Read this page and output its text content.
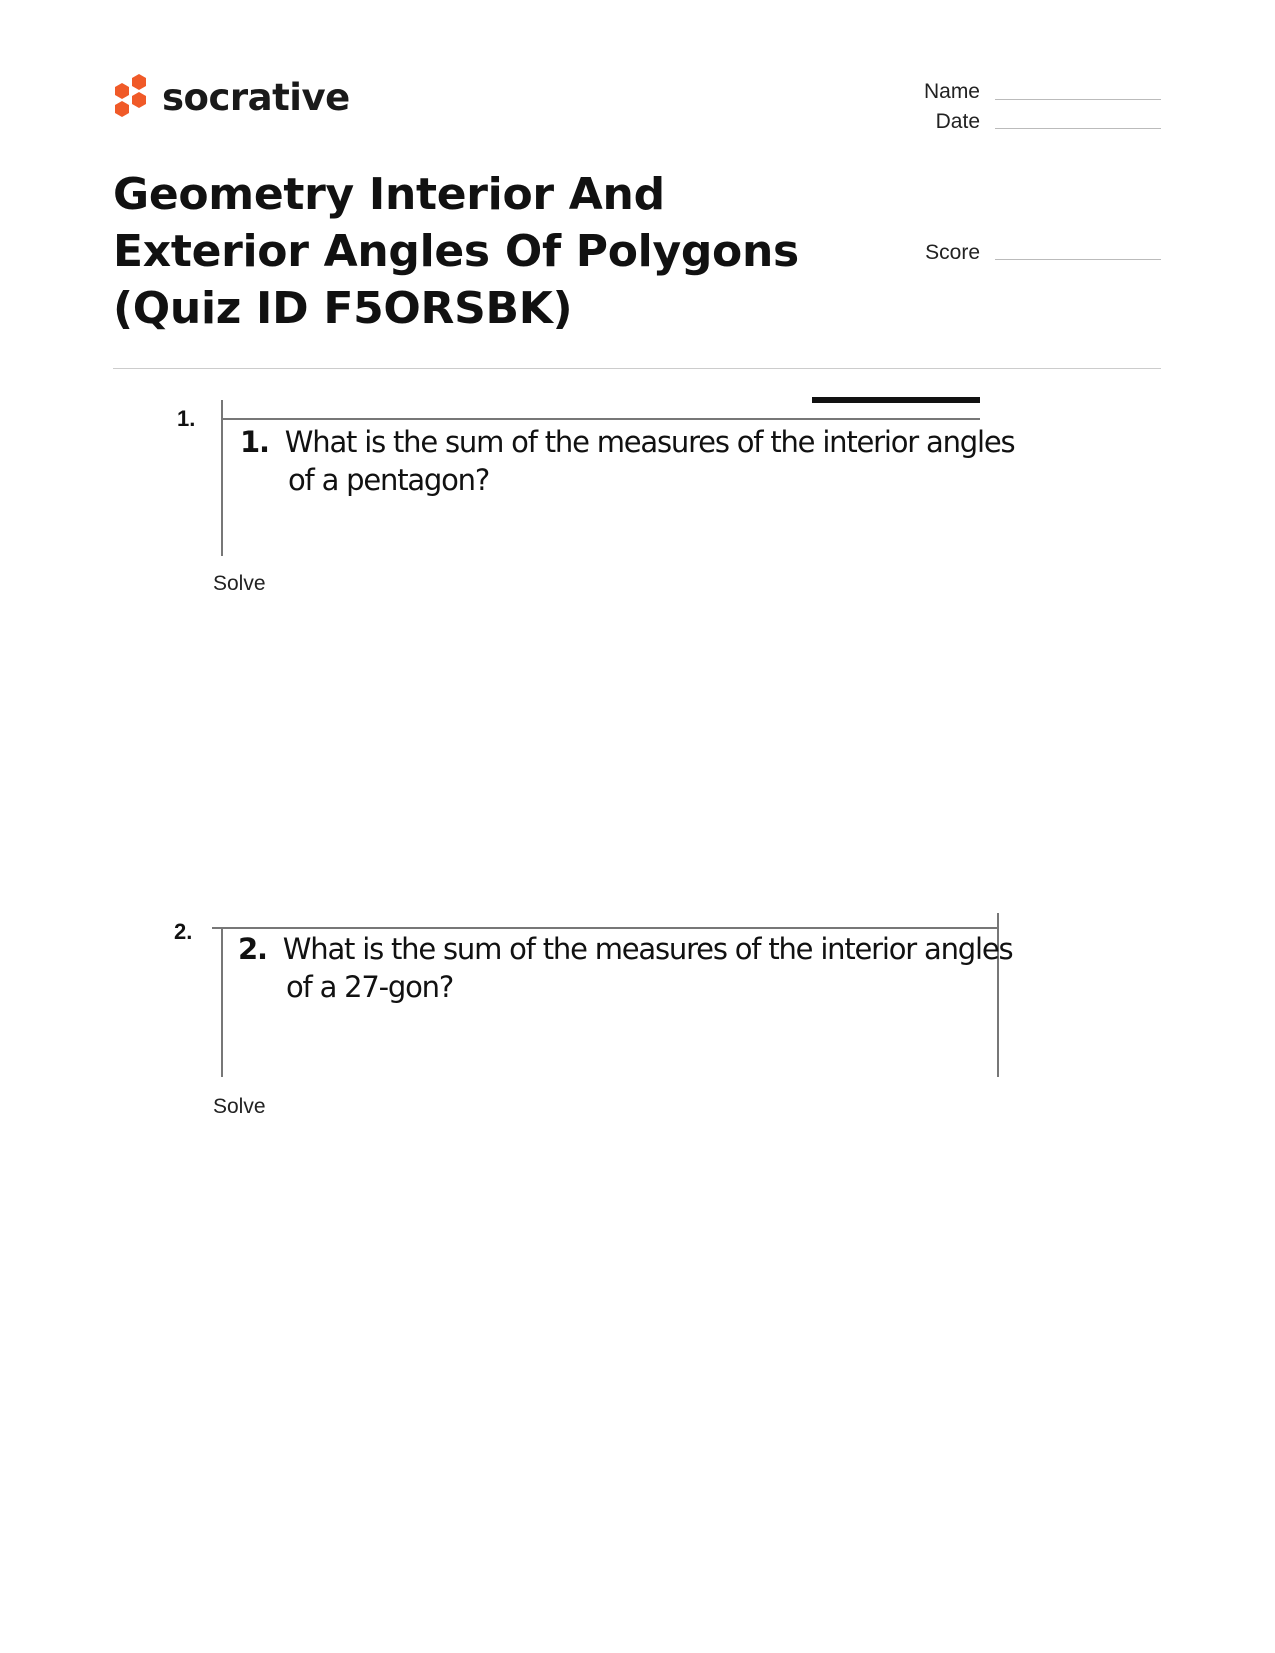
socrative
Geometry Interior And Exterior Angles Of Polygons (Quiz ID F5ORSBK)
Name
Date
Score
1.
1. What is the sum of the measures of the interior angles of a pentagon?
Solve
2.
2. What is the sum of the measures of the interior angles of a 27-gon?
Solve
